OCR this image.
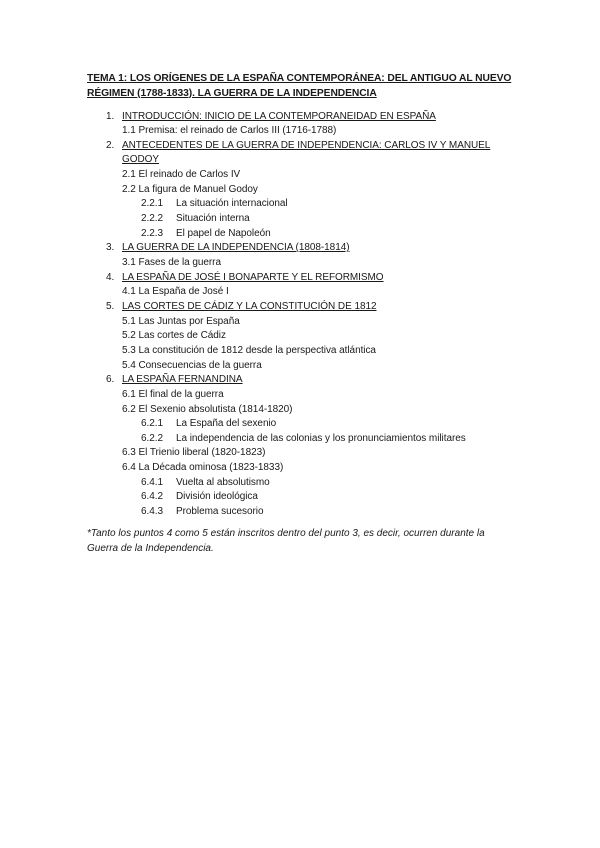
TEMA 1: LOS ORÍGENES DE LA ESPAÑA CONTEMPORÁNEA: DEL ANTIGUO AL NUEVO RÉGIMEN (1788-1833). LA GUERRA DE LA INDEPENDENCIA
1. INTRODUCCIÓN: INICIO DE LA CONTEMPORANEIDAD EN ESPAÑA
1.1 Premisa: el reinado de Carlos III (1716-1788)
2. ANTECEDENTES DE LA GUERRA DE INDEPENDENCIA: CARLOS IV Y MANUEL
GODOY
2.1 El reinado de Carlos IV
2.2 La figura de Manuel Godoy
2.2.1 La situación internacional
2.2.2 Situación interna
2.2.3 El papel de Napoleón
3. LA GUERRA DE LA INDEPENDENCIA (1808-1814)
3.1 Fases de la guerra
4. LA ESPAÑA DE JOSÉ I BONAPARTE Y EL REFORMISMO
4.1 La España de José I
5. LAS CORTES DE CÁDIZ Y LA CONSTITUCIÓN DE 1812
5.1 Las Juntas por España
5.2 Las cortes de Cádiz
5.3 La constitución de 1812 desde la perspectiva atlántica
5.4 Consecuencias de la guerra
6. LA ESPAÑA FERNANDINA
6.1 El final de la guerra
6.2 El Sexenio absolutista (1814-1820)
6.2.1 La España del sexenio
6.2.2 La independencia de las colonias y los pronunciamientos militares
6.3 El Trienio liberal (1820-1823)
6.4 La Década ominosa (1823-1833)
6.4.1 Vuelta al absolutismo
6.4.2 División ideológica
6.4.3 Problema sucesorio
*Tanto los puntos 4 como 5 están inscritos dentro del punto 3, es decir, ocurren durante la
Guerra de la Independencia.
